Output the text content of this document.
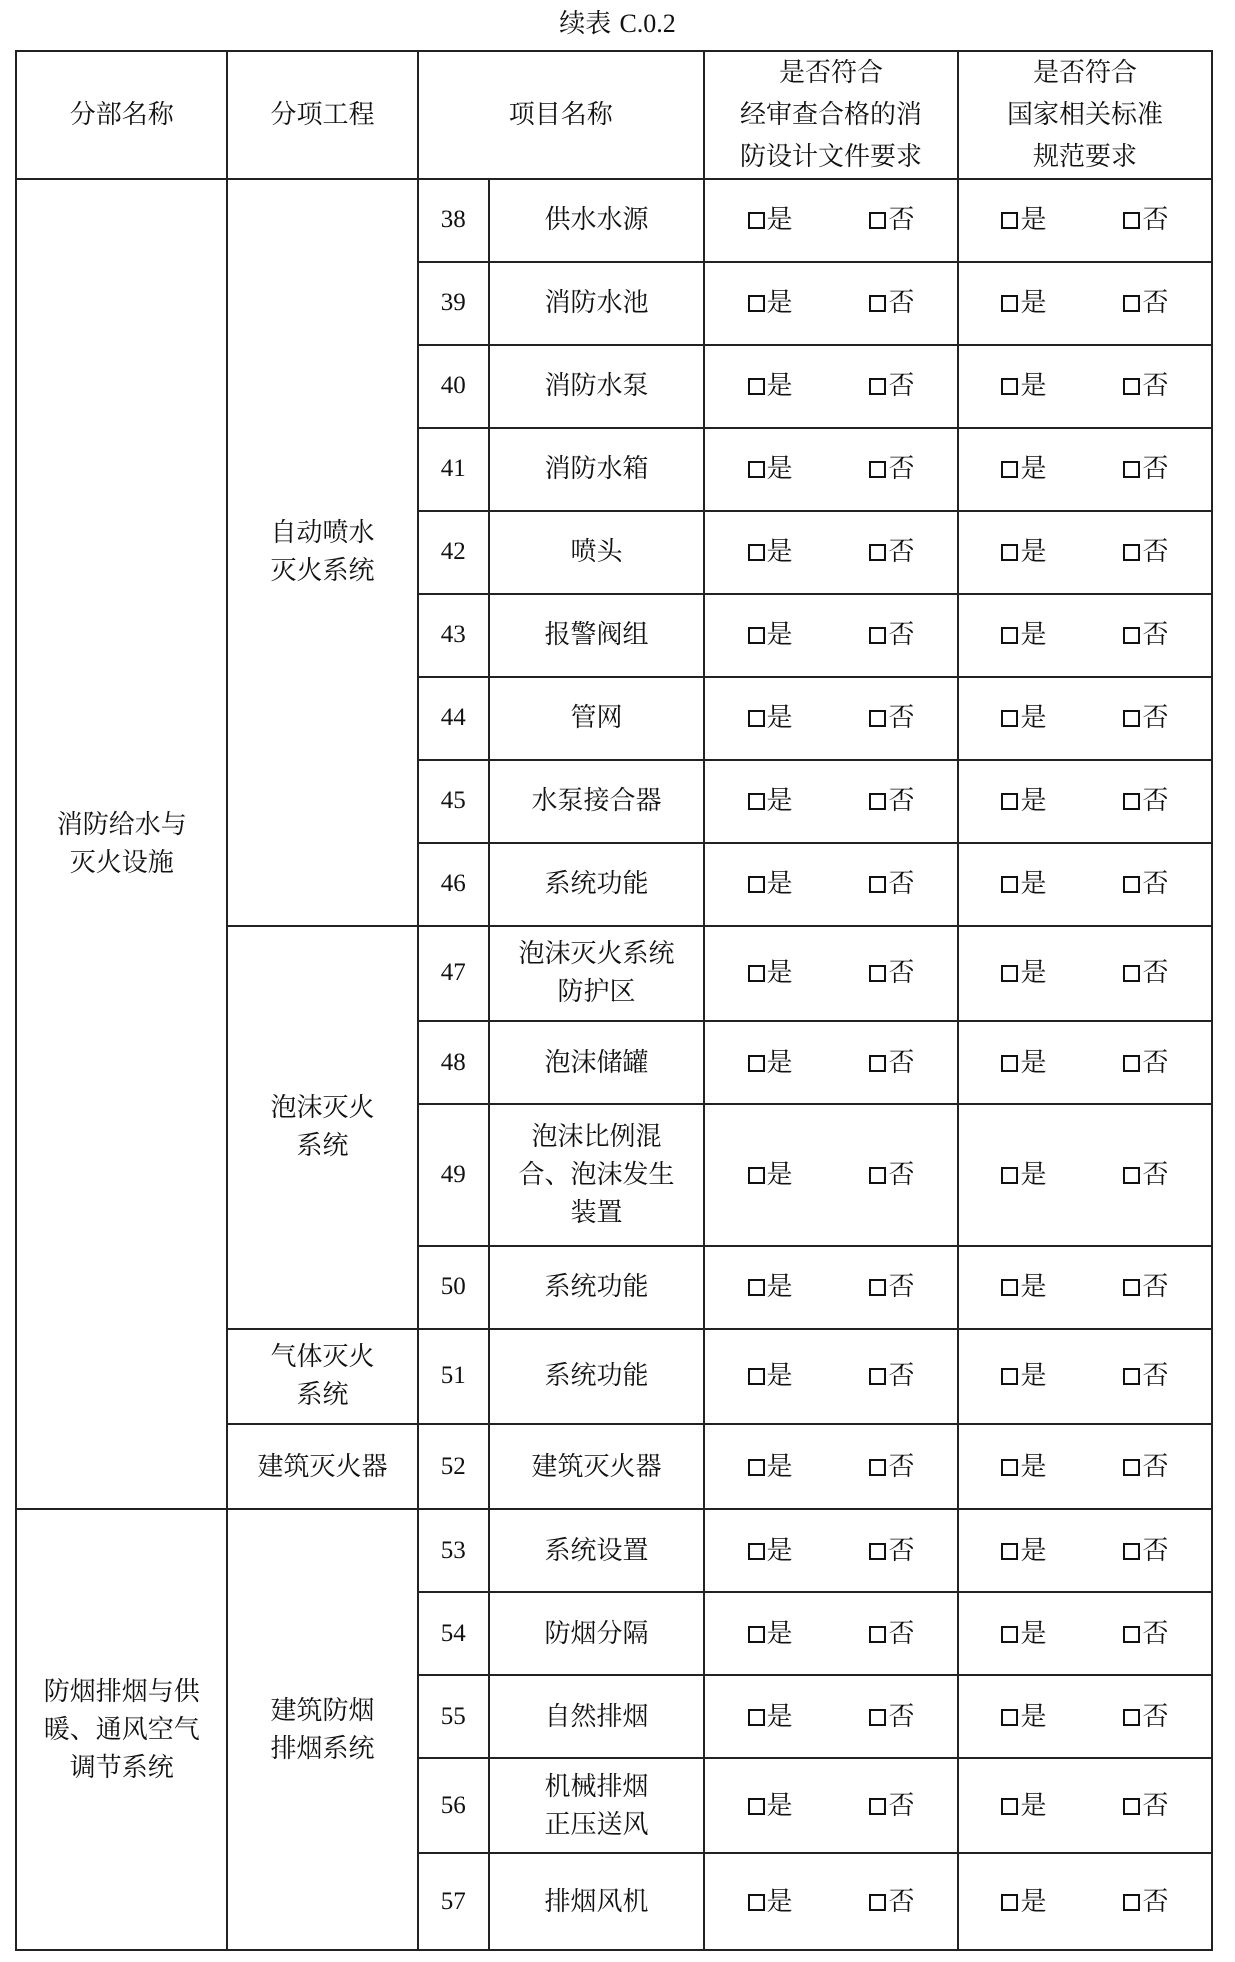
续表 C.0.2
分部名称	分项工程	项目名称		是否符合
经审查合格的消
防设计文件要求	是否符合
国家相关标准
规范要求
消防给水与
灭火设施	自动喷水
灭火系统	38	供水水源	是 否	是 否

		39	消防水池	是 否	是 否

		40	消防水泵	是 否	是 否

		41	消防水箱	是 否	是 否

		42	喷头	是 否	是 否

		43	报警阀组	是 否	是 否

		44	管网	是 否	是 否

		45	水泵接合器	是 否	是 否

		46	系统功能	是 否	是 否

	泡沫灭火
系统	47	泡沫灭火系统
防护区	是 否	是 否

		48	泡沫储罐	是 否	是 否

		49	泡沫比例混
合、泡沫发生
装置	是 否	是 否

		50	系统功能	是 否	是 否

	气体灭火
系统	51	系统功能	是 否	是 否

	建筑灭火器	52	建筑灭火器	是 否	是 否

防烟排烟与供
暖、通风空气
调节系统	建筑防烟
排烟系统	53	系统设置	是 否	是 否

		54	防烟分隔	是 否	是 否

		55	自然排烟	是 否	是 否

		56	机械排烟
正压送风	是 否	是 否

		57	排烟风机	是 否	是 否
